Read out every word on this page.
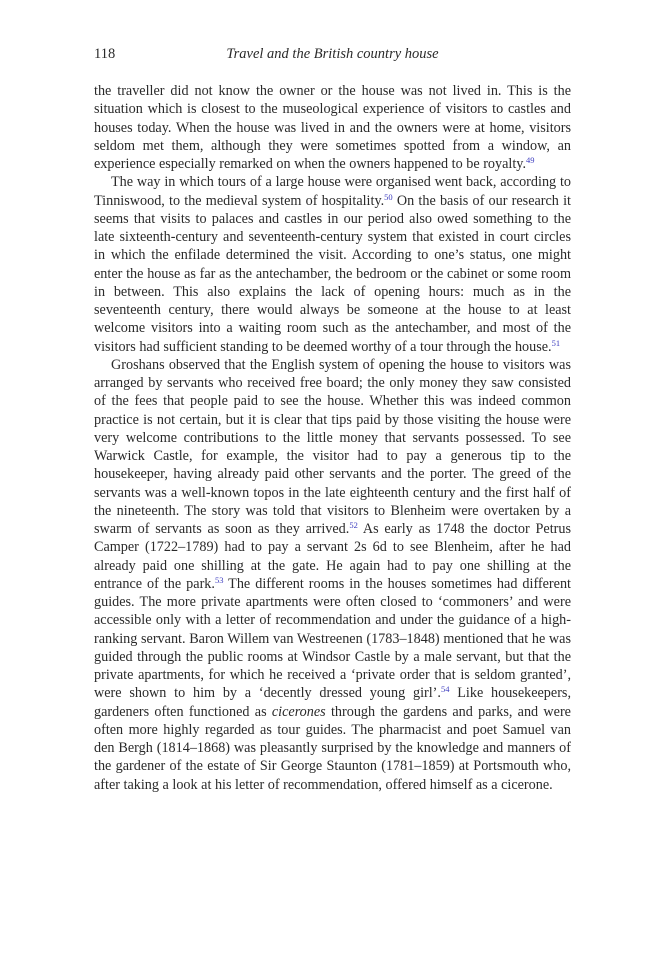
118	Travel and the British country house

the traveller did not know the owner or the house was not lived in. This is the situation which is closest to the museological experience of visitors to castles and houses today. When the house was lived in and the owners were at home, visitors seldom met them, although they were sometimes spotted from a window, an experience especially remarked on when the owners happened to be royalty.$^{49}$

The way in which tours of a large house were organised went back, according to Tinniswood, to the medieval system of hospitality.$^{50}$ On the basis of our research it seems that visits to palaces and castles in our period also owed something to the late sixteenth-century and seventeenth-century system that existed in court circles in which the enfilade determined the visit. According to one’s status, one might enter the house as far as the antechamber, the bedroom or the cabinet or some room in between. This also explains the lack of opening hours: much as in the seventeenth century, there would always be someone at the house to at least welcome visitors into a waiting room such as the antechamber, and most of the visitors had sufficient standing to be deemed worthy of a tour through the house.$^{51}$

Groshans observed that the English system of opening the house to visitors was arranged by servants who received free board; the only money they saw consisted of the fees that people paid to see the house. Whether this was indeed common practice is not certain, but it is clear that tips paid by those visiting the house were very welcome contributions to the little money that servants possessed. To see Warwick Castle, for example, the visitor had to pay a generous tip to the housekeeper, having already paid other servants and the porter. The greed of the servants was a well-known topos in the late eighteenth century and the first half of the nineteenth. The story was told that visitors to Blenheim were overtaken by a swarm of servants as soon as they arrived.$^{52}$ As early as 1748 the doctor Petrus Camper (1722–1789) had to pay a servant 2s 6d to see Blenheim, after he had already paid one shilling at the gate. He again had to pay one shilling at the entrance of the park.$^{53}$ The different rooms in the houses sometimes had different guides. The more private apartments were often closed to ‘commoners’ and were accessible only with a letter of recommendation and under the guidance of a high-ranking servant. Baron Willem van Westreenen (1783–1848) mentioned that he was guided through the public rooms at Windsor Castle by a male servant, but that the private apartments, for which he received a ‘private order that is seldom granted’, were shown to him by a ‘decently dressed young girl’.$^{54}$ Like housekeepers, gardeners often functioned as cicerones through the gardens and parks, and were often more highly regarded as tour guides. The pharmacist and poet Samuel van den Bergh (1814–1868) was pleasantly surprised by the knowledge and manners of the gardener of the estate of Sir George Staunton (1781–1859) at Portsmouth who, after taking a look at his letter of recommendation, offered himself as a cicerone.
